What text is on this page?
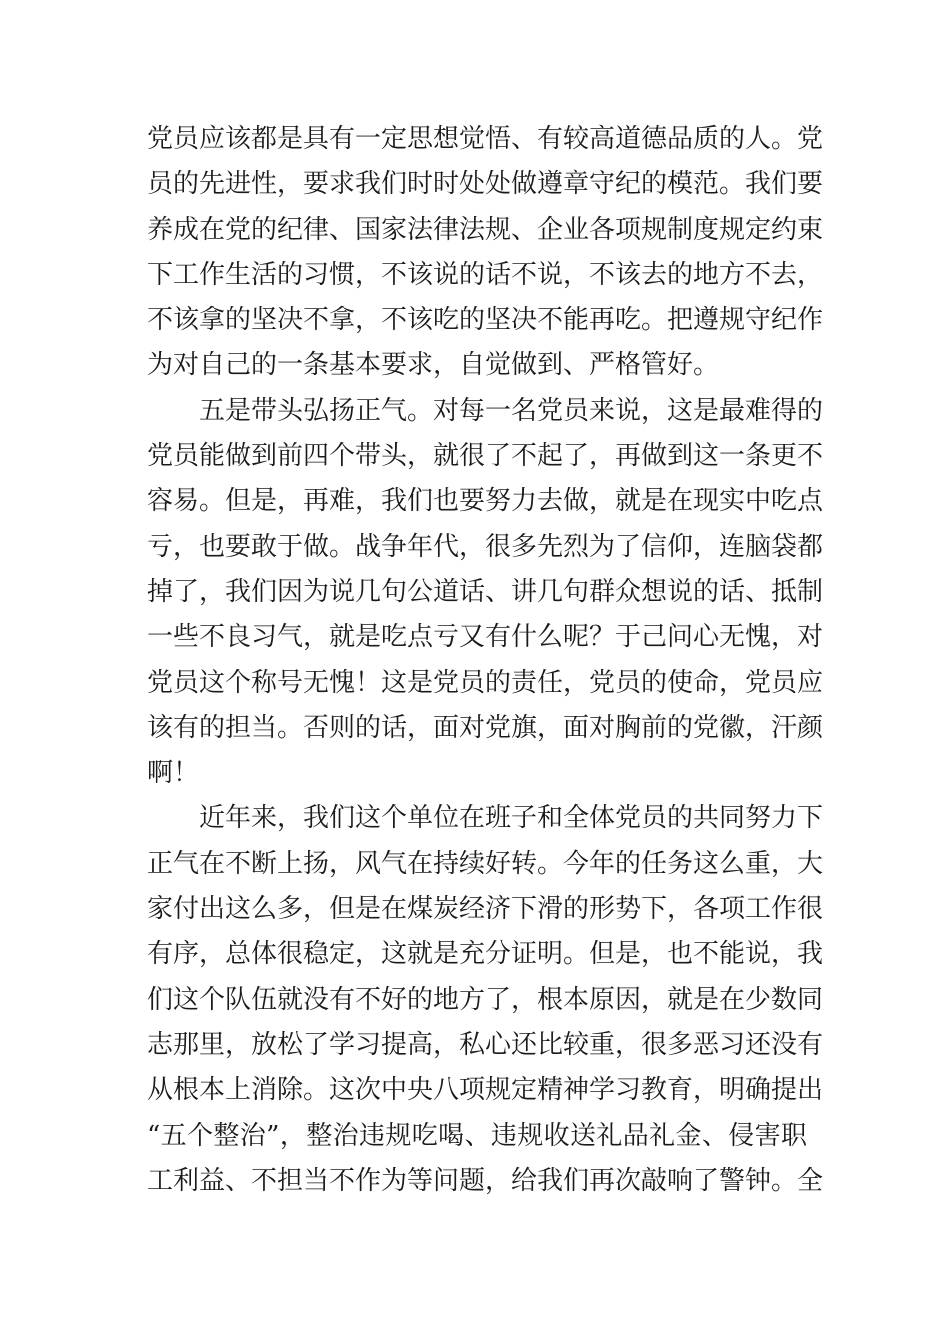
党员应该都是具有一定思想觉悟、有较高道德品质的人。党
员的先进性，要求我们时时处处做遵章守纪的模范。我们要
养成在党的纪律、国家法律法规、企业各项规制度规定约束
下工作生活的习惯，不该说的话不说，不该去的地方不去，
不该拿的坚决不拿，不该吃的坚决不能再吃。把遵规守纪作
为对自己的一条基本要求，自觉做到、严格管好。
五是带头弘扬正气。对每一名党员来说，这是最难得的
党员能做到前四个带头，就很了不起了，再做到这一条更不
容易。但是，再难，我们也要努力去做，就是在现实中吃点
亏，也要敢于做。战争年代，很多先烈为了信仰，连脑袋都
掉了，我们因为说几句公道话、讲几句群众想说的话、抵制
一些不良习气，就是吃点亏又有什么呢？于己问心无愧，对
党员这个称号无愧！这是党员的责任，党员的使命，党员应
该有的担当。否则的话，面对党旗，面对胸前的党徽，汗颜
啊！
近年来，我们这个单位在班子和全体党员的共同努力下
正气在不断上扬，风气在持续好转。今年的任务这么重，大
家付出这么多，但是在煤炭经济下滑的形势下，各项工作很
有序，总体很稳定，这就是充分证明。但是，也不能说，我
们这个队伍就没有不好的地方了，根本原因，就是在少数同
志那里，放松了学习提高，私心还比较重，很多恶习还没有
从根本上消除。这次中央八项规定精神学习教育，明确提出
“五个整治”，整治违规吃喝、违规收送礼品礼金、侵害职
工利益、不担当不作为等问题，给我们再次敲响了警钟。全
